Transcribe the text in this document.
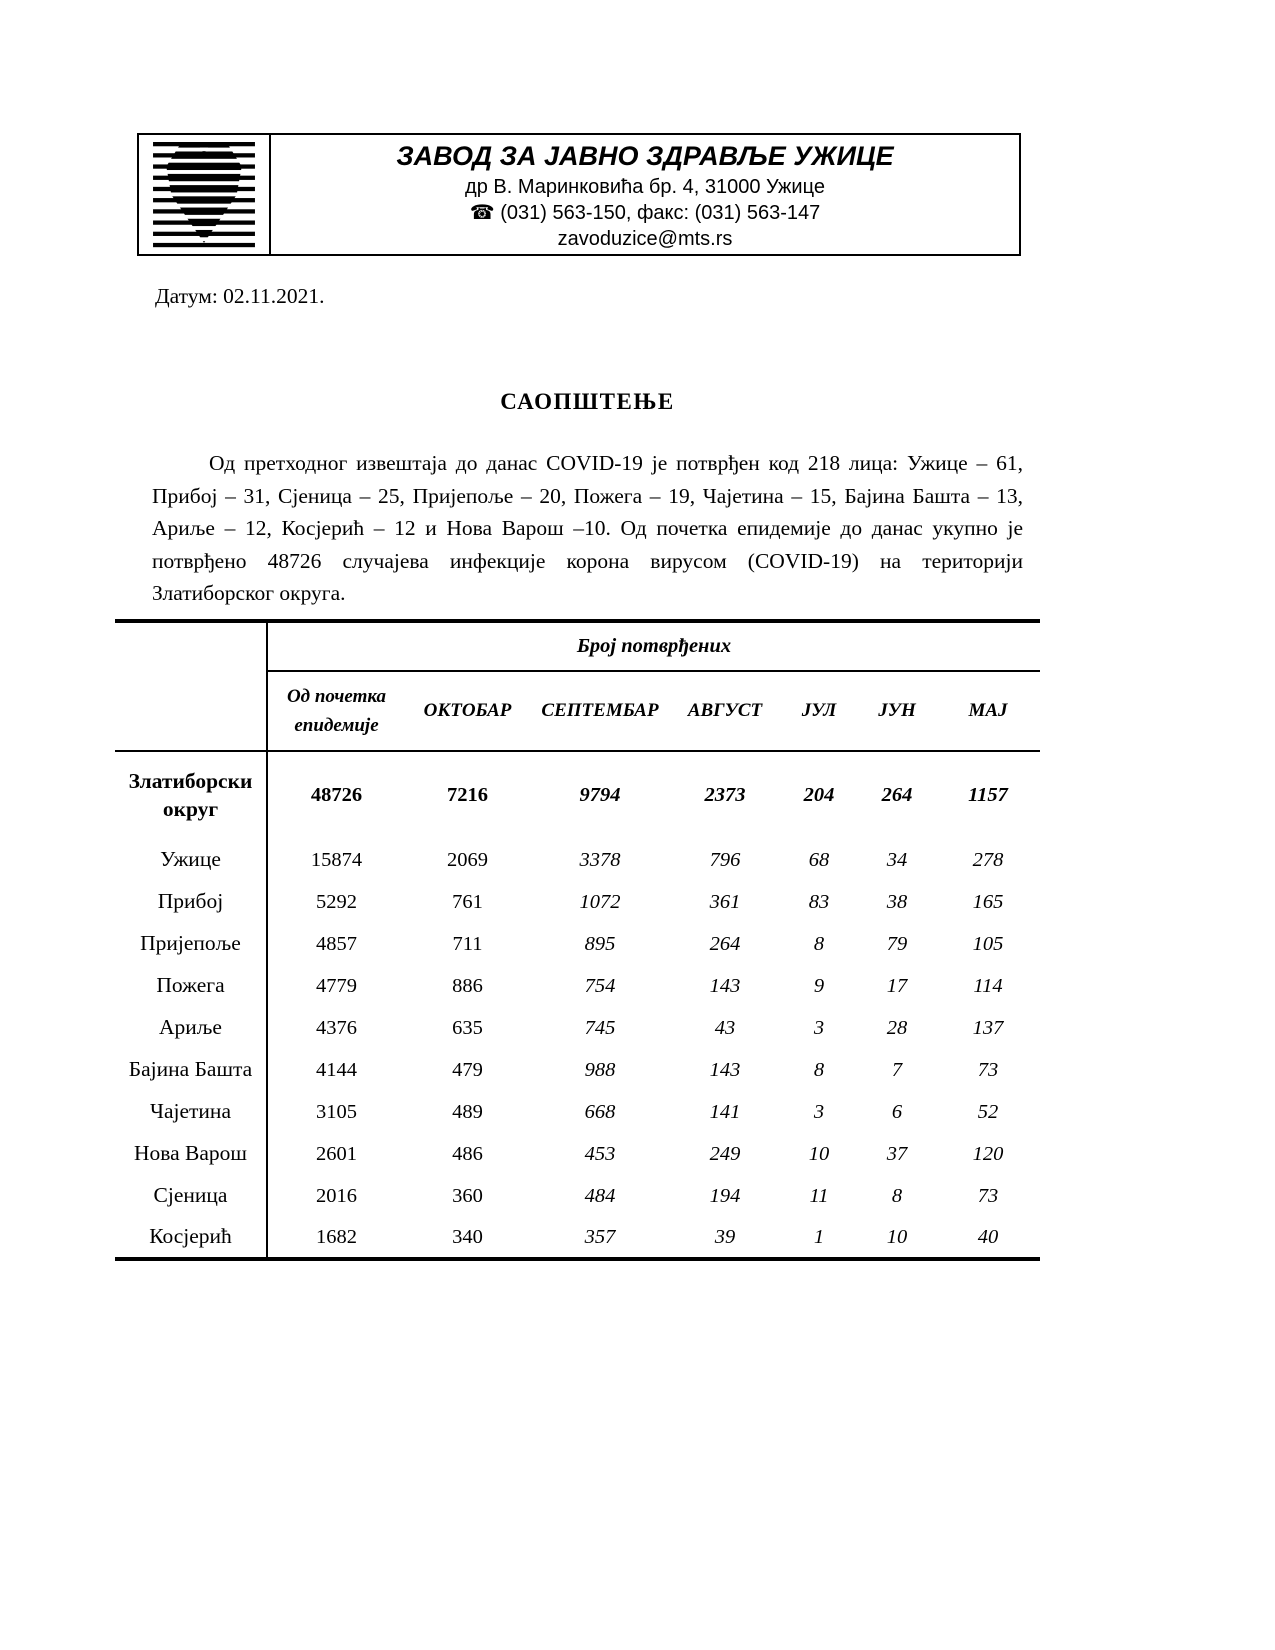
ЗАВОД ЗА ЈАВНО ЗДРАВЉЕ УЖИЦЕ
др В. Маринковића бр. 4, 31000 Ужице
☎ (031) 563-150, факс: (031) 563-147
zavoduzice@mts.rs
Датум: 02.11.2021.
САОПШТЕЊЕ
Од претходног извештаја до данас COVID-19 је потврђен код 218 лица: Ужице – 61, Прибој – 31, Сјеница – 25, Пријепоље – 20, Пожега – 19, Чајетина – 15, Бајина Башта – 13, Ариље – 12, Косјерић – 12 и Нова Варош –10. Од почетка епидемије до данас укупно је потврђено 48726 случајева инфекције корона вирусом (COVID-19) на територији Златиборског округа.
	Број потврђених						
	Од почетка епидемије	ОКТОБАР	СЕПТЕМБАР	АВГУСТ	ЈУЛ	ЈУН	МАЈ
Златиборски округ	48726	7216	9794	2373	204	264	1157
Ужице	15874	2069	3378	796	68	34	278
Прибој	5292	761	1072	361	83	38	165
Пријепоље	4857	711	895	264	8	79	105
Пожега	4779	886	754	143	9	17	114
Ариље	4376	635	745	43	3	28	137
Бајина Башта	4144	479	988	143	8	7	73
Чајетина	3105	489	668	141	3	6	52
Нова Варош	2601	486	453	249	10	37	120
Сјеница	2016	360	484	194	11	8	73
Косјерић	1682	340	357	39	1	10	40
